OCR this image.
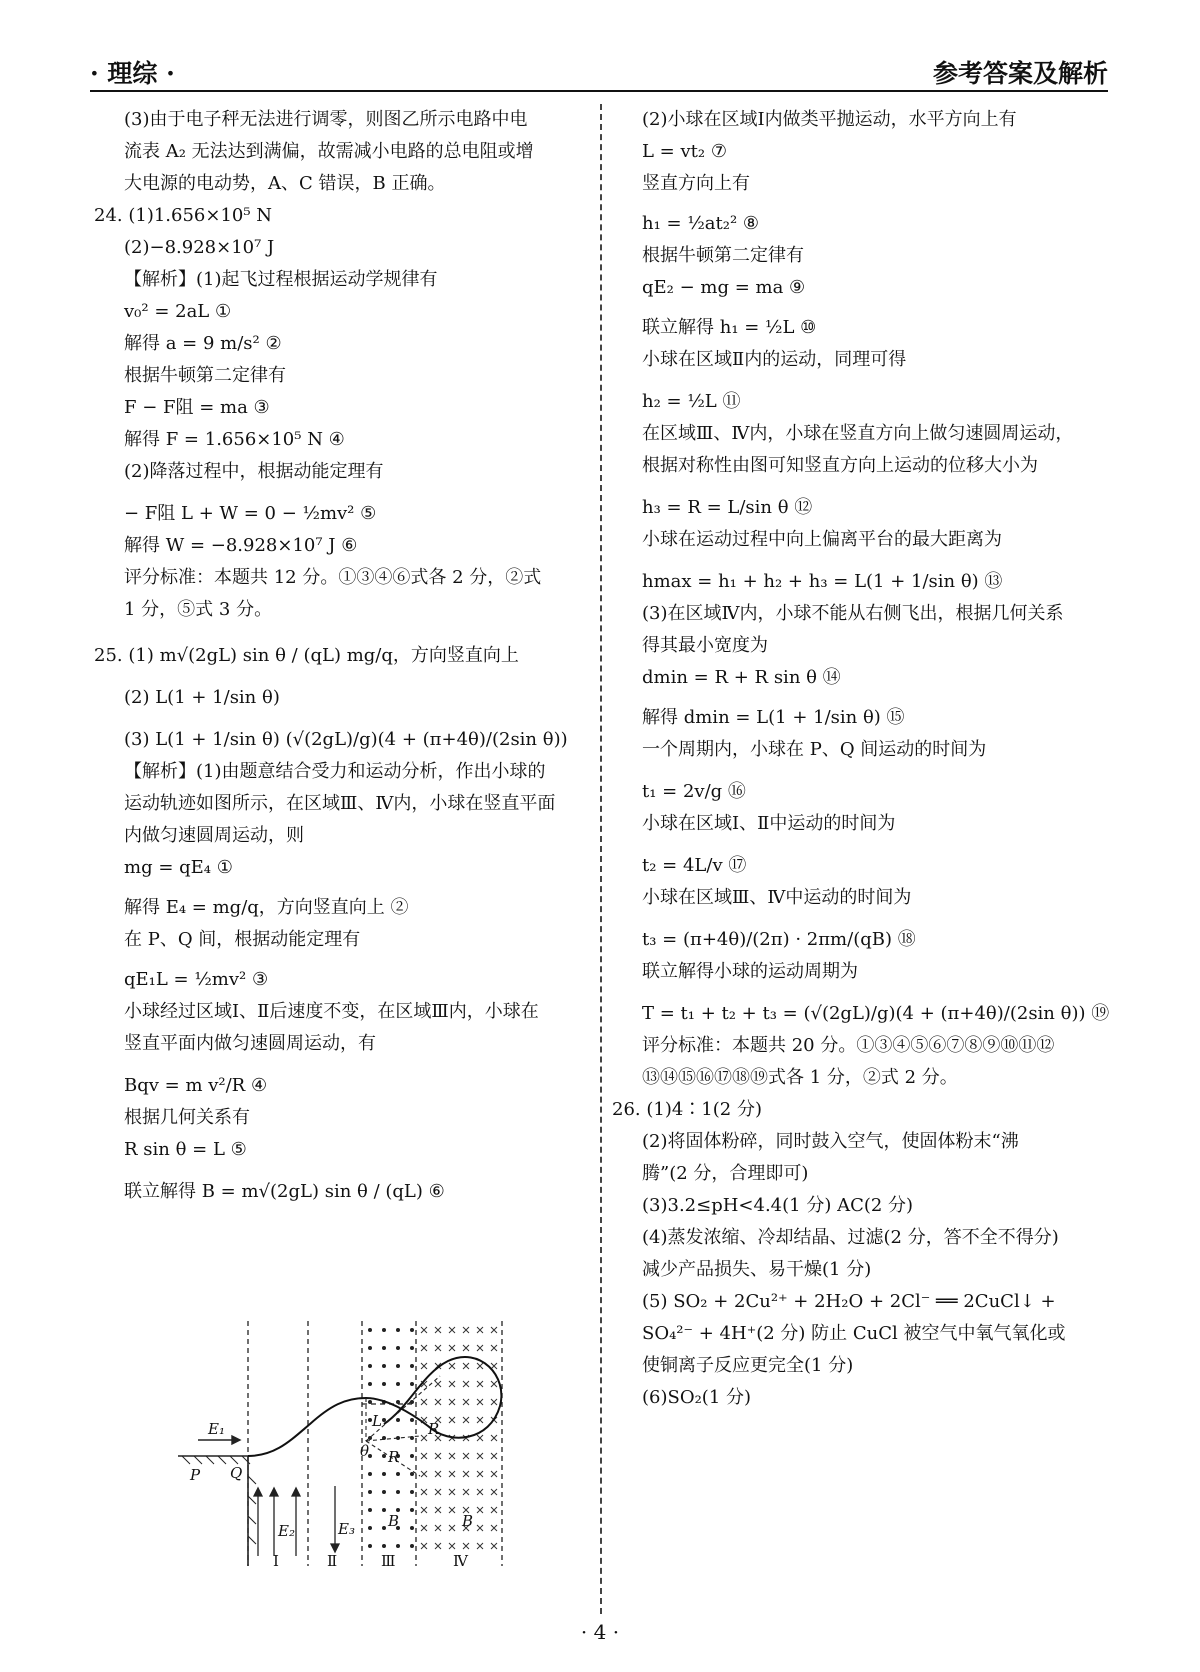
· 理综 ·	参考答案及解析

(3)由于电子秤无法进行调零，则图乙所示电路中电

流表 A₂ 无法达到满偏，故需减小电路的总电阻或增

大电源的电动势，A、C 错误，B 正确。

24. (1)1.656×10⁵ N

(2)−8.928×10⁷ J

【解析】(1)起飞过程根据运动学规律有

v₀² = 2aL ①

解得 a = 9 m/s² ②

根据牛顿第二定律有

F − F阻 = ma ③

解得 F = 1.656×10⁵ N ④

(2)降落过程中，根据动能定理有

− F阻 L + W = 0 − ½mv² ⑤

解得 W = −8.928×10⁷ J ⑥

评分标准：本题共 12 分。①③④⑥式各 2 分，②式

1 分，⑤式 3 分。

25. (1) m√(2gL) sin θ / (qL) mg/q，方向竖直向上

(2) L(1 + 1/sin θ)

(3) L(1 + 1/sin θ) (√(2gL)/g)(4 + (π+4θ)/(2sin θ))

【解析】(1)由题意结合受力和运动分析，作出小球的

运动轨迹如图所示，在区域Ⅲ、Ⅳ内，小球在竖直平面

内做匀速圆周运动，则

mg = qE₄ ①

解得 E₄ = mg/q，方向竖直向上 ②

在 P、Q 间，根据动能定理有

qE₁L = ½mv² ③

小球经过区域Ⅰ、Ⅱ后速度不变，在区域Ⅲ内，小球在

竖直平面内做匀速圆周运动，有

Bqv = m v²/R ④

根据几何关系有

R sin θ = L ⑤

联立解得 B = m√(2gL) sin θ / (qL) ⑥

(2)小球在区域Ⅰ内做类平抛运动，水平方向上有

L = vt₂ ⑦

竖直方向上有

h₁ = ½at₂² ⑧

根据牛顿第二定律有

qE₂ − mg = ma ⑨

联立解得 h₁ = ½L ⑩

小球在区域Ⅱ内的运动，同理可得

h₂ = ½L ⑪

在区域Ⅲ、Ⅳ内，小球在竖直方向上做匀速圆周运动，

根据对称性由图可知竖直方向上运动的位移大小为

h₃ = R = L/sin θ ⑫

小球在运动过程中向上偏离平台的最大距离为

hmax = h₁ + h₂ + h₃ = L(1 + 1/sin θ) ⑬

(3)在区域Ⅳ内，小球不能从右侧飞出，根据几何关系

得其最小宽度为

dmin = R + R sin θ ⑭

解得 dmin = L(1 + 1/sin θ) ⑮

一个周期内，小球在 P、Q 间运动的时间为

t₁ = 2v/g ⑯

小球在区域Ⅰ、Ⅱ中运动的时间为

t₂ = 4L/v ⑰

小球在区域Ⅲ、Ⅳ中运动的时间为

t₃ = (π+4θ)/(2π) · 2πm/(qB) ⑱

联立解得小球的运动周期为

T = t₁ + t₂ + t₃ = (√(2gL)/g)(4 + (π+4θ)/(2sin θ)) ⑲

评分标准：本题共 20 分。①③④⑤⑥⑦⑧⑨⑩⑪⑫

⑬⑭⑮⑯⑰⑱⑲式各 1 分，②式 2 分。

26. (1)4∶1(2 分)

(2)将固体粉碎，同时鼓入空气，使固体粉末“沸

腾”(2 分，合理即可)

(3)3.2≤pH<4.4(1 分) AC(2 分)

(4)蒸发浓缩、冷却结晶、过滤(2 分，答不全不得分)

减少产品损失、易干燥(1 分)

(5) SO₂ + 2Cu²⁺ + 2H₂O + 2Cl⁻ ══ 2CuCl↓ +

SO₄²⁻ + 4H⁺(2 分) 防止 CuCl 被空气中氧气氧化或

使铜离子反应更完全(1 分)

(6)SO₂(1 分)

E₁
P Q
E₂	E₃
L	R
R
θ
B	B
Ⅰ	Ⅱ	Ⅲ	Ⅳ
· 4 ·
